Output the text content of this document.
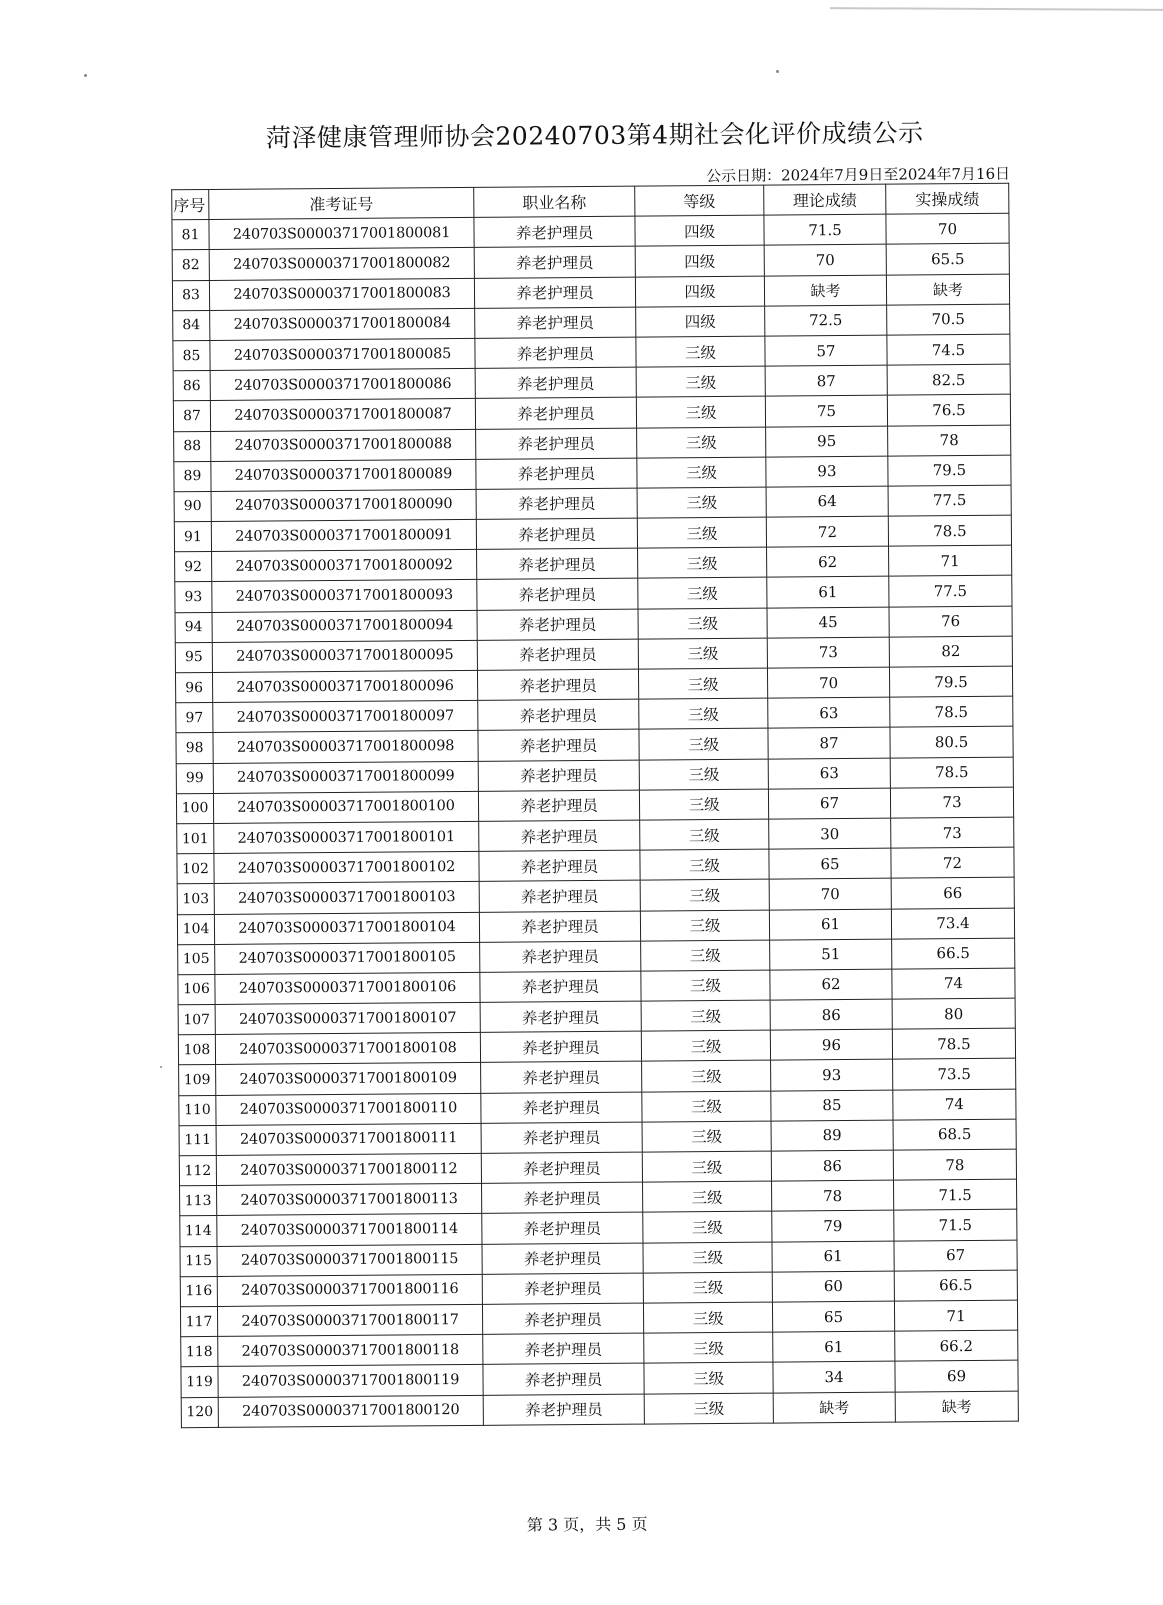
菏泽健康管理师协会20240703第4期社会化评价成绩公示
公示日期：2024年7月9日至2024年7月16日
序号	准考证号	职业名称	等级	理论成绩	实操成绩
81	240703S00003717001800081	养老护理员	四级	71.5	70
82	240703S00003717001800082	养老护理员	四级	70	65.5
83	240703S00003717001800083	养老护理员	四级	缺考	缺考
84	240703S00003717001800084	养老护理员	四级	72.5	70.5
85	240703S00003717001800085	养老护理员	三级	57	74.5
86	240703S00003717001800086	养老护理员	三级	87	82.5
87	240703S00003717001800087	养老护理员	三级	75	76.5
88	240703S00003717001800088	养老护理员	三级	95	78
89	240703S00003717001800089	养老护理员	三级	93	79.5
90	240703S00003717001800090	养老护理员	三级	64	77.5
91	240703S00003717001800091	养老护理员	三级	72	78.5
92	240703S00003717001800092	养老护理员	三级	62	71
93	240703S00003717001800093	养老护理员	三级	61	77.5
94	240703S00003717001800094	养老护理员	三级	45	76
95	240703S00003717001800095	养老护理员	三级	73	82
96	240703S00003717001800096	养老护理员	三级	70	79.5
97	240703S00003717001800097	养老护理员	三级	63	78.5
98	240703S00003717001800098	养老护理员	三级	87	80.5
99	240703S00003717001800099	养老护理员	三级	63	78.5
100	240703S00003717001800100	养老护理员	三级	67	73
101	240703S00003717001800101	养老护理员	三级	30	73
102	240703S00003717001800102	养老护理员	三级	65	72
103	240703S00003717001800103	养老护理员	三级	70	66
104	240703S00003717001800104	养老护理员	三级	61	73.4
105	240703S00003717001800105	养老护理员	三级	51	66.5
106	240703S00003717001800106	养老护理员	三级	62	74
107	240703S00003717001800107	养老护理员	三级	86	80
108	240703S00003717001800108	养老护理员	三级	96	78.5
109	240703S00003717001800109	养老护理员	三级	93	73.5
110	240703S00003717001800110	养老护理员	三级	85	74
111	240703S00003717001800111	养老护理员	三级	89	68.5
112	240703S00003717001800112	养老护理员	三级	86	78
113	240703S00003717001800113	养老护理员	三级	78	71.5
114	240703S00003717001800114	养老护理员	三级	79	71.5
115	240703S00003717001800115	养老护理员	三级	61	67
116	240703S00003717001800116	养老护理员	三级	60	66.5
117	240703S00003717001800117	养老护理员	三级	65	71
118	240703S00003717001800118	养老护理员	三级	61	66.2
119	240703S00003717001800119	养老护理员	三级	34	69
120	240703S00003717001800120	养老护理员	三级	缺考	缺考
第 3 页，共 5 页
